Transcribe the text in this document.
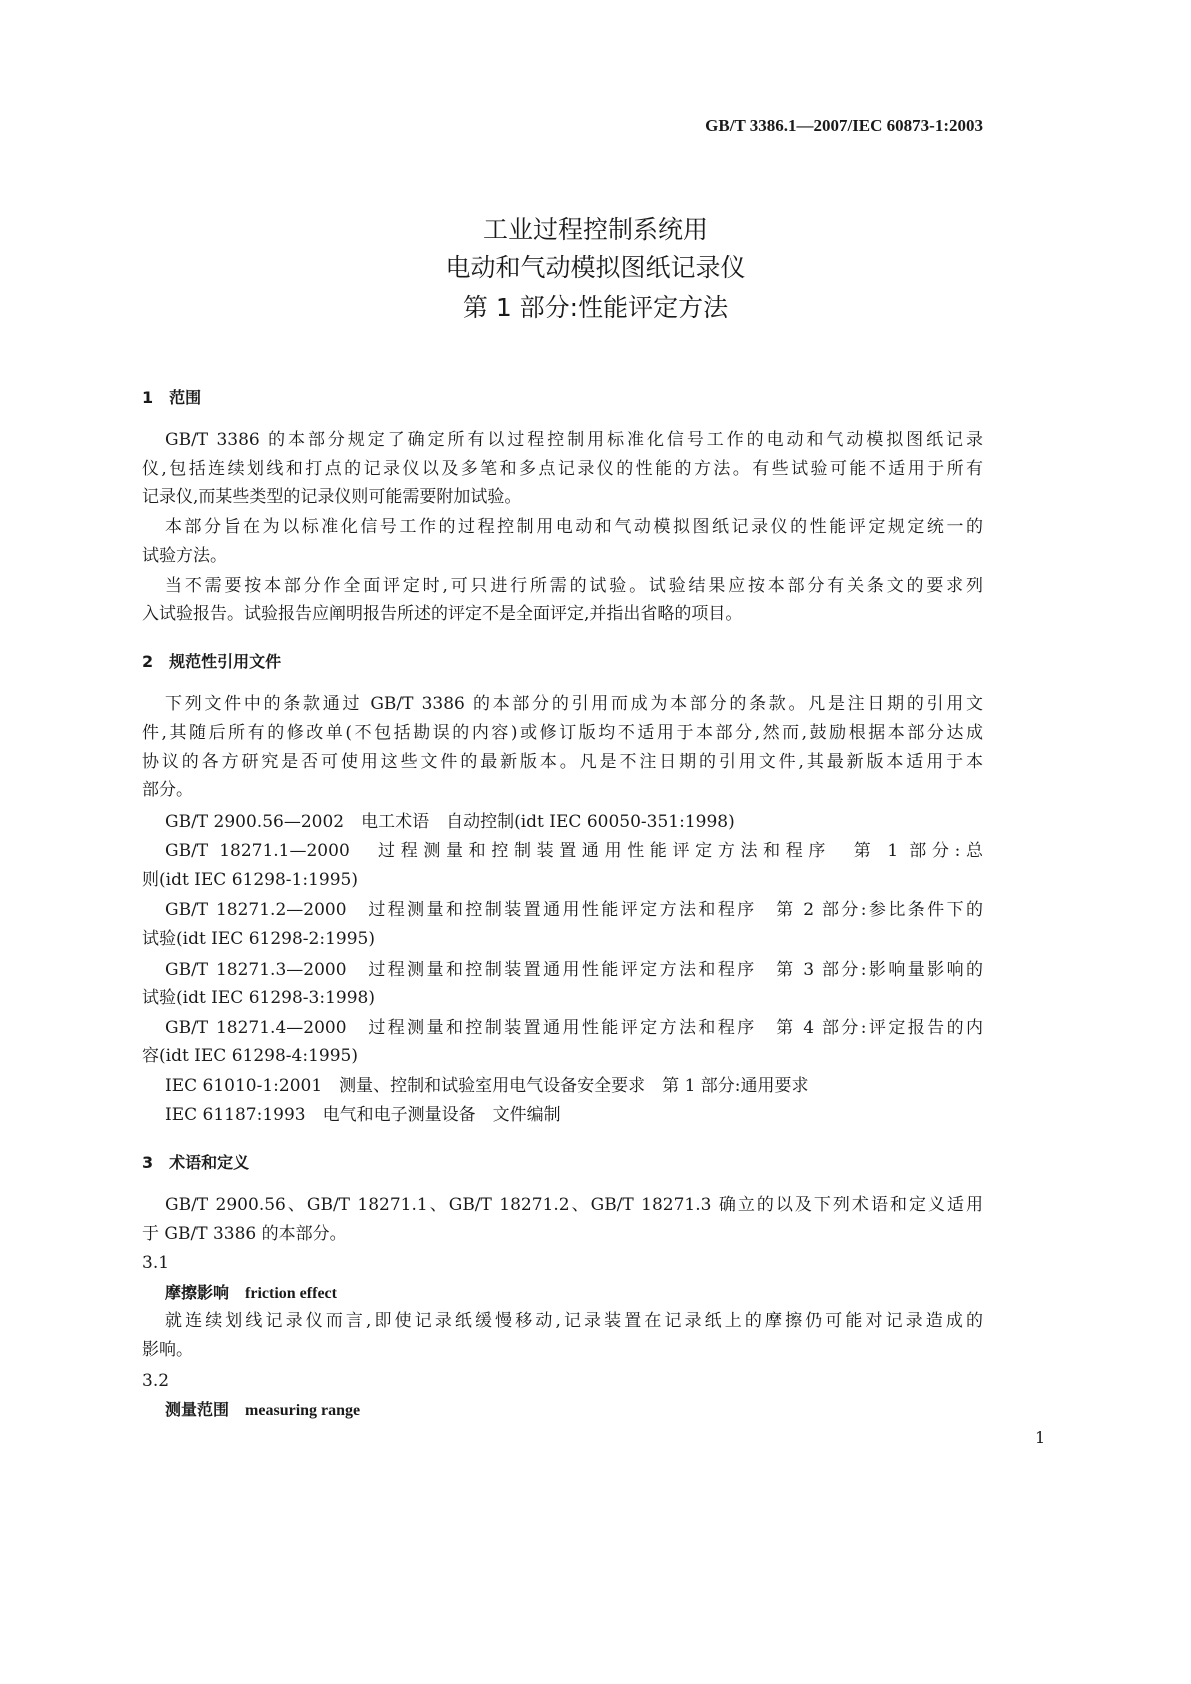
GB/T 3386.1—2007/IEC 60873-1:2003
工业过程控制系统用
电动和气动模拟图纸记录仪
第 1 部分:性能评定方法
1　范围
GB/T 3386 的本部分规定了确定所有以过程控制用标准化信号工作的电动和气动模拟图纸记录
仪,包括连续划线和打点的记录仪以及多笔和多点记录仪的性能的方法。有些试验可能不适用于所有
记录仪,而某些类型的记录仪则可能需要附加试验。
本部分旨在为以标准化信号工作的过程控制用电动和气动模拟图纸记录仪的性能评定规定统一的
试验方法。
当不需要按本部分作全面评定时,可只进行所需的试验。试验结果应按本部分有关条文的要求列
入试验报告。试验报告应阐明报告所述的评定不是全面评定,并指出省略的项目。
2　规范性引用文件
下列文件中的条款通过 GB/T 3386 的本部分的引用而成为本部分的条款。凡是注日期的引用文
件,其随后所有的修改单(不包括勘误的内容)或修订版均不适用于本部分,然而,鼓励根据本部分达成
协议的各方研究是否可使用这些文件的最新版本。凡是不注日期的引用文件,其最新版本适用于本
部分。
GB/T 2900.56—2002　电工术语　自动控制(idt IEC 60050-351:1998)
GB/T 18271.1—2000　过程测量和控制装置通用性能评定方法和程序　第 1 部分:总
则(idt IEC 61298-1:1995)
GB/T 18271.2—2000　过程测量和控制装置通用性能评定方法和程序　第 2 部分:参比条件下的
试验(idt IEC 61298-2:1995)
GB/T 18271.3—2000　过程测量和控制装置通用性能评定方法和程序　第 3 部分:影响量影响的
试验(idt IEC 61298-3:1998)
GB/T 18271.4—2000　过程测量和控制装置通用性能评定方法和程序　第 4 部分:评定报告的内
容(idt IEC 61298-4:1995)
IEC 61010-1:2001　测量、控制和试验室用电气设备安全要求　第 1 部分:通用要求
IEC 61187:1993　电气和电子测量设备　文件编制
3　术语和定义
GB/T 2900.56、GB/T 18271.1、GB/T 18271.2、GB/T 18271.3 确立的以及下列术语和定义适用
于 GB/T 3386 的本部分。
3.1
摩擦影响　 friction effect
就连续划线记录仪而言,即使记录纸缓慢移动,记录装置在记录纸上的摩擦仍可能对记录造成的
影响。
3.2
测量范围　 measuring range
1
